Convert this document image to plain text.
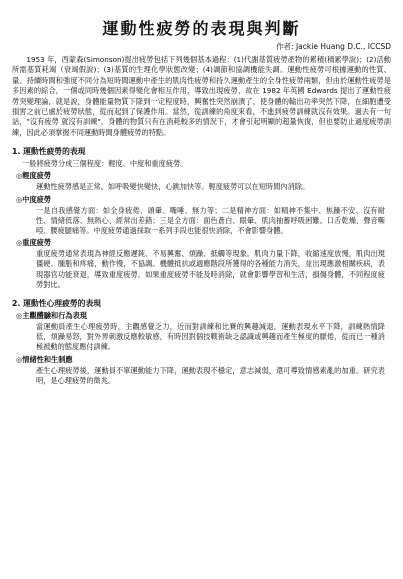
運動性疲勞的表現與判斷
作者: Jackie Huang D.C., ICCSD

1953 年，西蒙森(Simonson)提出疲勞包括下列幾個基本過程：(1)代謝基質疲勞產物的累積(積累學說)；(2)活動所需基質耗竭（衰竭假說)；(3)基質的生理化學狀態改變；(4)調節和協調機能失調。運動性疲勞可根據運動的性質、量、持續時間和強度不同分為短時間運動中產生的肌肉性疲勞和持久運動產生的全身性疲勞兩類，但由於運動性疲勞是多因素的綜合，一個或同時幾個因素得變化會相互作用，導致出現疲勞，故在 1982 年英國 Edwards 提出了運動性疲勞突變理論，就是說，身體能量物質下降到一定程度時，興奮性突然崩潰了，使身體的輸出功率突然下降，在細胞遭受損害之前已處於疲勞狀態，從而起到了保護作用。當然，從訓練的角度來看，不進到疲勞訓練就沒有效果。過去有一句話，"沒有疲勞 就沒有訓練"，身體的物質只有在消耗較多的情況下，才會引起明顯的超量恢復，但也要防止過度疲勞訓練，因此必須掌握不同運動時間身體疲勞的特點。

1. 運動性疲勞的表現
一般將疲勞分成三個程度：輕度、中度和重度疲勞。
◎輕度疲勞
運動性疲勞感是正常，如呼吸變快變快，心跳加快等。輕度疲勞可以在短時間內消除。
◎中度疲勞
一是自我感覺方面：如全身疲倦、頭暈、嘴唾、無力等；二是精神方面：如精神不集中、焦躁不安、沒有耐性、情緒低落、無熱心、經常出差錯；三是全方面：面色蒼白、眼暈、肌肉抽蓄呼吸困難、口舌乾燥、聲音嘶啞、腰疲腿痛等。中度疲勞通過採取一系列手段也能很快消除，不會影響身體。
◎重度疲勞
重度疲勞通常表現為神經反應遲鈍、不易興奮、煩躁、抵觸等現象。肌肉力量下降，收縮速度放慢，肌肉出現僵硬、腫脹和疼痛，動作慢，不協調。機體抵抗或適應階段所獲得的各種能力消失，並出現應激相關疾病，表現器官功能衰退，導致重度疲勞。如果重度疲勞不能及時消除，就會影響學習和生活，損傷身體，不同程度疲勞對比。
2. 運動性心理疲勞的表現
◎主觀體驗和行為表現
當運動員產生心理疲勞時，主觀感覺乏力，近而對訓練和比賽的興趣減退，運動表現水平下降，訓練熱情降低，煩躁易怒，對外界刺激反應較敏感，有時因對個技戰術缺乏認識或興趣而產生極度的厭倦，從而已一種消極被動的態度應付訓練。
◎情緒性和生制應
產生心理疲勞後，運動員不單運動能力下降，運動表現不穩定，意志減弱，還可導致情感素亂的加重。研究表明，是心理疲勞的徵兆。
